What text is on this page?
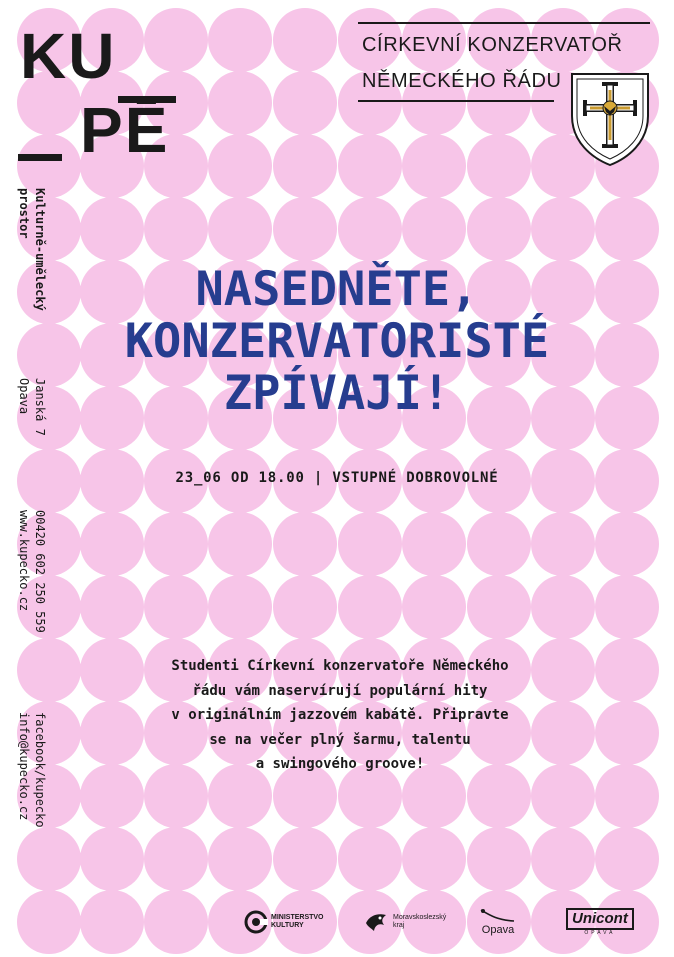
KU
PĒ
CÍRKEVNÍ KONZERVATOŘ
NĚMECKÉHO ŘÁDU
Kulturně-umělecký
prostor
Janská 7
Opava
00420 602 250 559
www.kupecko.cz
facebook/kupecko
info@kupecko.cz
NASEDNĚTE,
KONZERVATORISTÉ
ZPÍVAJÍ!
23_06 OD 18.00 | VSTUPNÉ DOBROVOLNÉ
Studenti Církevní konzervatoře Německého
řádu vám naservírují populární hity
v originálním jazzovém kabátě. Připravte
se na večer plný šarmu, talentu
a swingového groove!
MINISTERSTVO
KULTURY
Moravskoslezský
kraj	Opava
Unicont
OPAVA
